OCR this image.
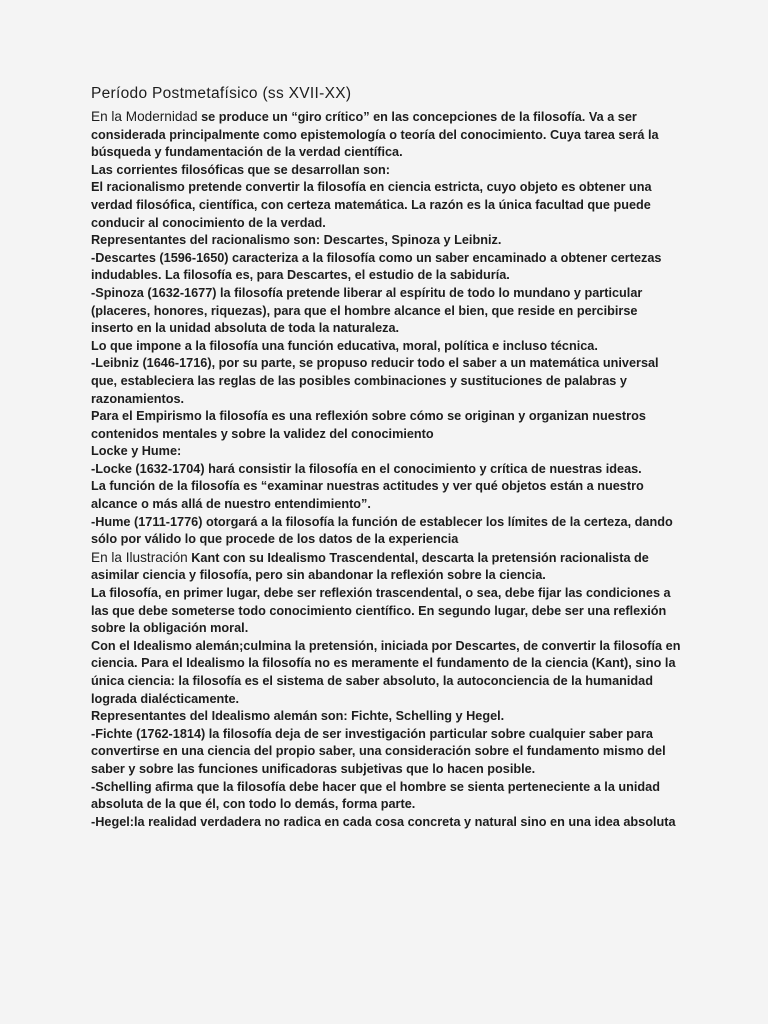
Período Postmetafísico (ss XVII-XX)

En la Modernidad se produce un “giro crítico” en las concepciones de la filosofía. Va a ser considerada principalmente como epistemología o teoría del conocimiento. Cuya tarea será la búsqueda y fundamentación de la verdad científica.

Las corrientes filosóficas que se desarrollan son:

El racionalismo pretende convertir la filosofía en ciencia estricta, cuyo objeto es obtener una verdad filosófica, científica, con certeza matemática. La razón es la única facultad que puede conducir al conocimiento de la verdad.

Representantes del racionalismo son: Descartes, Spinoza y Leibniz.

-Descartes (1596-1650) caracteriza a la filosofía como un saber encaminado a obtener certezas indudables. La filosofía es, para Descartes, el estudio de la sabiduría.

-Spinoza (1632-1677) la filosofía pretende liberar al espíritu de todo lo mundano y particular (placeres, honores, riquezas), para que el hombre alcance el bien, que reside en percibirse inserto en la unidad absoluta de toda la naturaleza.

Lo que impone a la filosofía una función educativa, moral, política e incluso técnica.

-Leibniz (1646-1716), por su parte, se propuso reducir todo el saber a un matemática universal que, estableciera las reglas de las posibles combinaciones y sustituciones de palabras y razonamientos.

Para el Empirismo la filosofía es una reflexión sobre cómo se originan y organizan nuestros contenidos mentales y sobre la validez del conocimiento

Locke y Hume:

-Locke (1632-1704) hará consistir la filosofía en el conocimiento y crítica de nuestras ideas.

La función de la filosofía es “examinar nuestras actitudes y ver qué objetos están a nuestro alcance o más allá de nuestro entendimiento”.

-Hume (1711-1776) otorgará a la filosofía la función de establecer los límites de la certeza, dando sólo por válido lo que procede de los datos de la experiencia

En la Ilustración Kant con su Idealismo Trascendental, descarta la pretensión racionalista de asimilar ciencia y filosofía, pero sin abandonar la reflexión sobre la ciencia.

La filosofía, en primer lugar, debe ser reflexión trascendental, o sea, debe fijar las condiciones a las que debe someterse todo conocimiento científico. En segundo lugar, debe ser una reflexión sobre la obligación moral.

Con el Idealismo alemán;culmina la pretensión, iniciada por Descartes, de convertir la filosofía en ciencia. Para el Idealismo la filosofía no es meramente el fundamento de la ciencia (Kant), sino la única ciencia: la filosofía es el sistema de saber absoluto, la autoconciencia de la humanidad lograda dialécticamente.

Representantes del Idealismo alemán son: Fichte, Schelling y Hegel.

-Fichte (1762-1814) la filosofía deja de ser investigación particular sobre cualquier saber para convertirse en una ciencia del propio saber, una consideración sobre el fundamento mismo del saber y sobre las funciones unificadoras subjetivas que lo hacen posible.

-Schelling afirma que la filosofía debe hacer que el hombre se sienta perteneciente a la unidad absoluta de la que él, con todo lo demás, forma parte.

-Hegel:la realidad verdadera no radica en cada cosa concreta y natural sino en una idea absoluta
